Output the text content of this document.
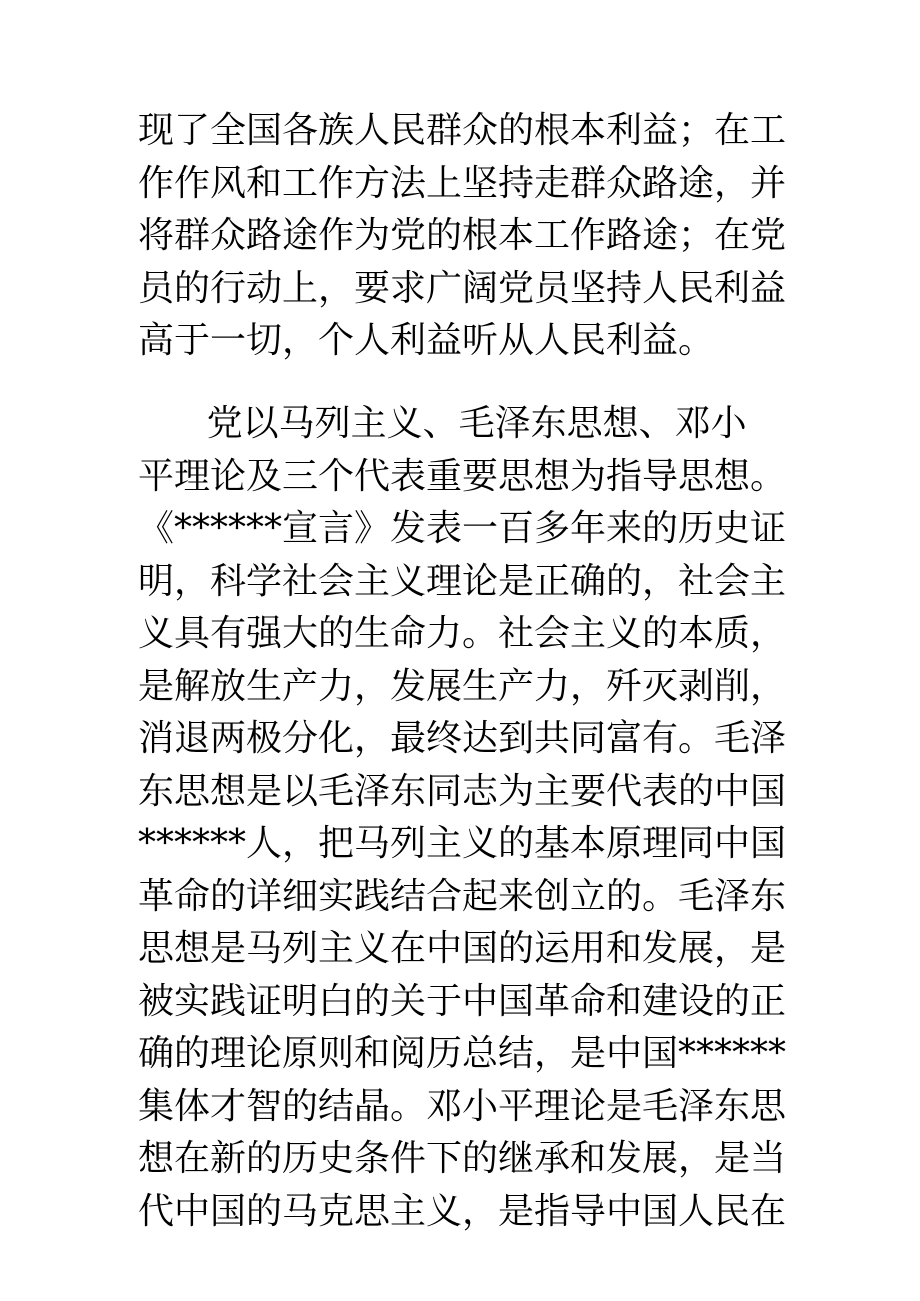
现了全国各族人民群众的根本利益；在工
作作风和工作方法上坚持走群众路途，并
将群众路途作为党的根本工作路途；在党
员的行动上，要求广阔党员坚持人民利益
高于一切，个人利益听从人民利益。
党以马列主义、毛泽东思想、邓小
平理论及三个代表重要思想为指导思想。
《******宣言》发表一百多年来的历史证
明，科学社会主义理论是正确的，社会主
义具有强大的生命力。社会主义的本质，
是解放生产力，发展生产力，歼灭剥削，
消退两极分化，最终达到共同富有。毛泽
东思想是以毛泽东同志为主要代表的中国
******人，把马列主义的基本原理同中国
革命的详细实践结合起来创立的。毛泽东
思想是马列主义在中国的运用和发展，是
被实践证明白的关于中国革命和建设的正
确的理论原则和阅历总结，是中国******
集体才智的结晶。邓小平理论是毛泽东思
想在新的历史条件下的继承和发展，是当
代中国的马克思主义，是指导中国人民在
